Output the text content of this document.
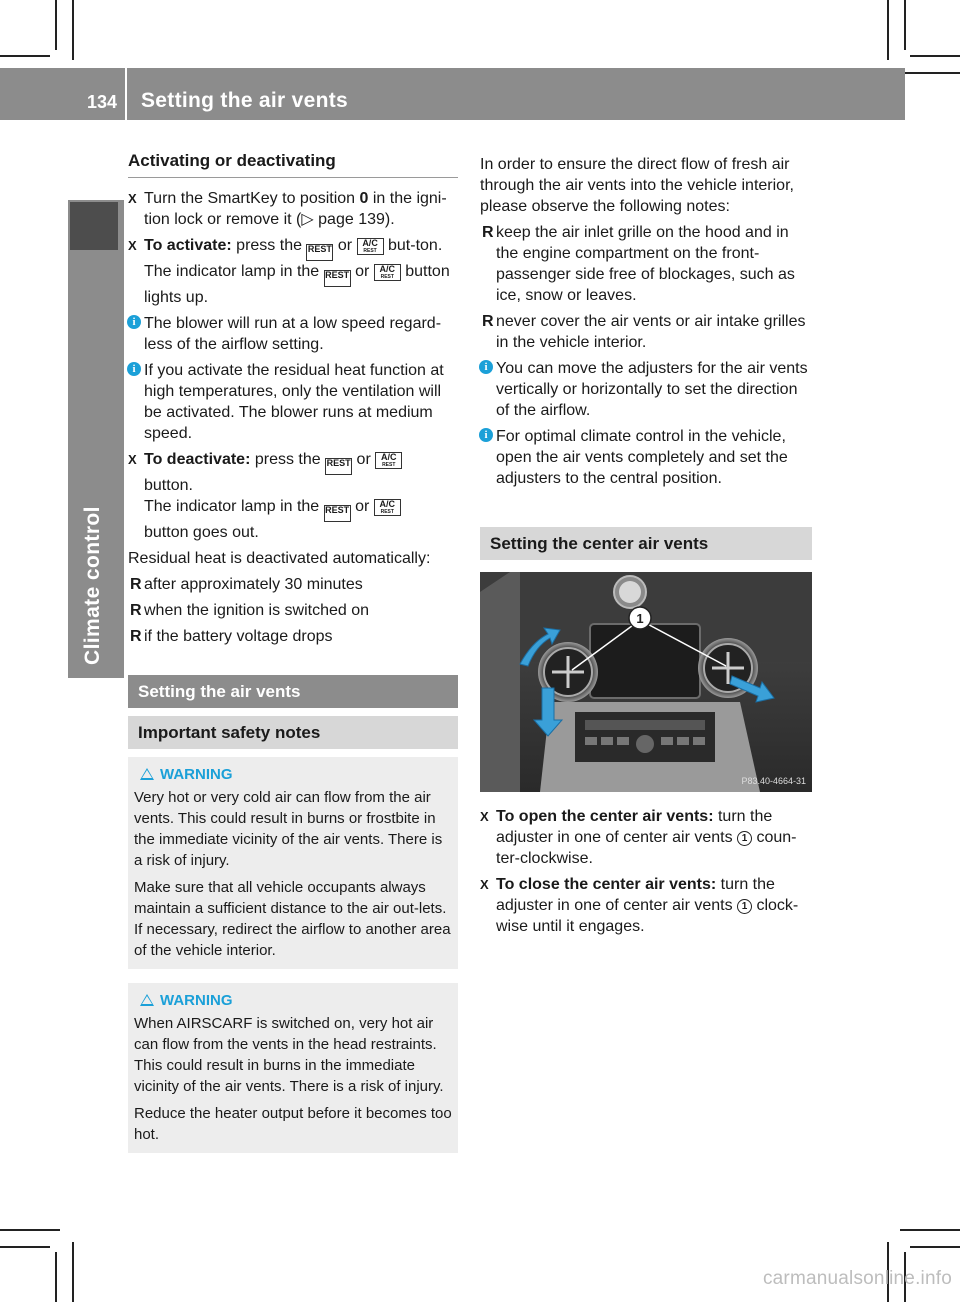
134 Setting the air vents
Climate control
Activating or deactivating
X Turn the SmartKey to position 0 in the igni-tion lock or remove it (▷ page 139).
X To activate: press the REST or A/C
REST but-ton.
The indicator lamp in the REST or A/C
REST button lights up.
i The blower will run at a low speed regard-less of the airflow setting.
i If you activate the residual heat function at high temperatures, only the ventilation will be activated. The blower runs at medium speed.
X To deactivate: press the REST or A/C
REST

button.
The indicator lamp in the REST or A/C
REST

button goes out.
Residual heat is deactivated automatically:
R after approximately 30 minutes
R when the ignition is switched on
R if the battery voltage drops
Setting the air vents
Important safety notes
WARNING
Very hot or very cold air can flow from the air vents. This could result in burns or frostbite in the immediate vicinity of the air vents. There is a risk of injury.
Make sure that all vehicle occupants always maintain a sufficient distance to the air out-lets. If necessary, redirect the airflow to another area of the vehicle interior.
WARNING
When AIRSCARF is switched on, very hot air can flow from the vents in the head restraints. This could result in burns in the immediate vicinity of the air vents. There is a risk of injury.
Reduce the heater output before it becomes too hot.
In order to ensure the direct flow of fresh air through the air vents into the vehicle interior, please observe the following notes:
R keep the air inlet grille on the hood and in the engine compartment on the front-passenger side free of blockages, such as ice, snow or leaves.
R never cover the air vents or air intake grilles in the vehicle interior.
i You can move the adjusters for the air vents vertically or horizontally to set the direction of the airflow.
i For optimal climate control in the vehicle, open the air vents completely and set the adjusters to the central position.
Setting the center air vents
1
P83.40-4664-31
X To open the center air vents: turn the adjuster in one of center air vents 1 coun-ter-clockwise.
X To close the center air vents: turn the adjuster in one of center air vents 1 clock-wise until it engages.
carmanualsonline.info
